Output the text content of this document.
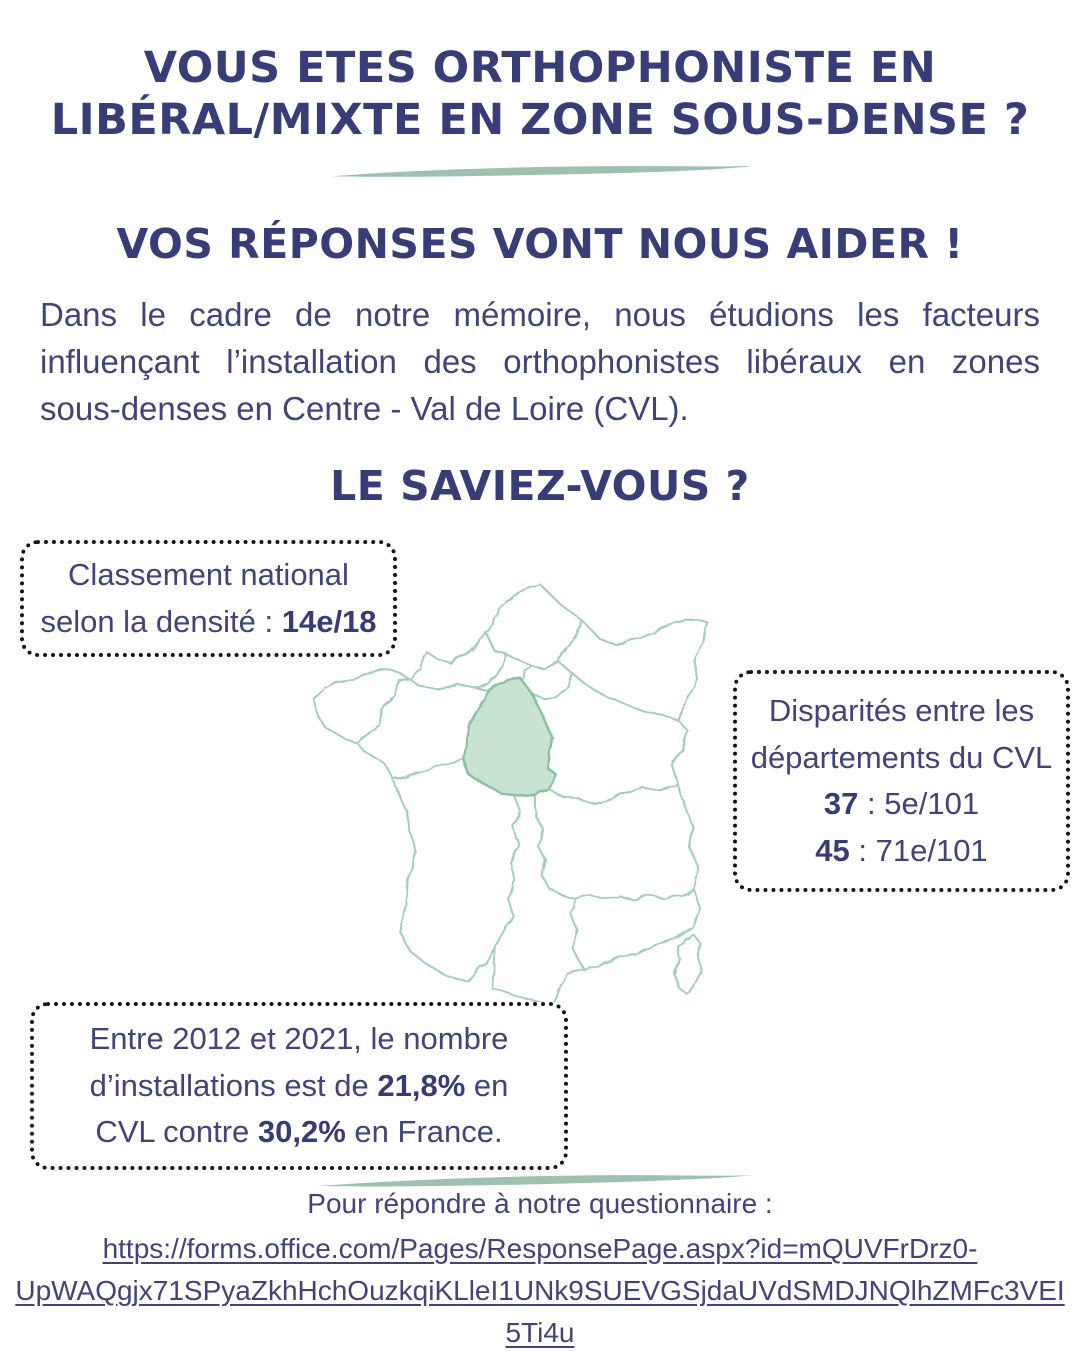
VOUS ETES ORTHOPHONISTE EN
LIBÉRAL/MIXTE EN ZONE SOUS-DENSE ?
VOS RÉPONSES VONT NOUS AIDER !
Dans le cadre de notre mémoire, nous étudions les facteurs
influençant l’installation des orthophonistes libéraux en zones
sous-denses en Centre - Val de Loire (CVL).
LE SAVIEZ-VOUS ?
Classement national
selon la densité : 14e/18
Disparités entre les
départements du CVL
37 : 5e/101
45 : 71e/101
Entre 2012 et 2021, le nombre
d’installations est de 21,8% en
CVL contre 30,2% en France.
Pour répondre à notre questionnaire :
https://forms.office.com/Pages/ResponsePage.aspx?id=mQUVFrDrz0-
UpWAQgjx71SPyaZkhHchOuzkqiKLleI1UNk9SUEVGSjdaUVdSMDJNQlhZMFc3VEI
5Ti4u
